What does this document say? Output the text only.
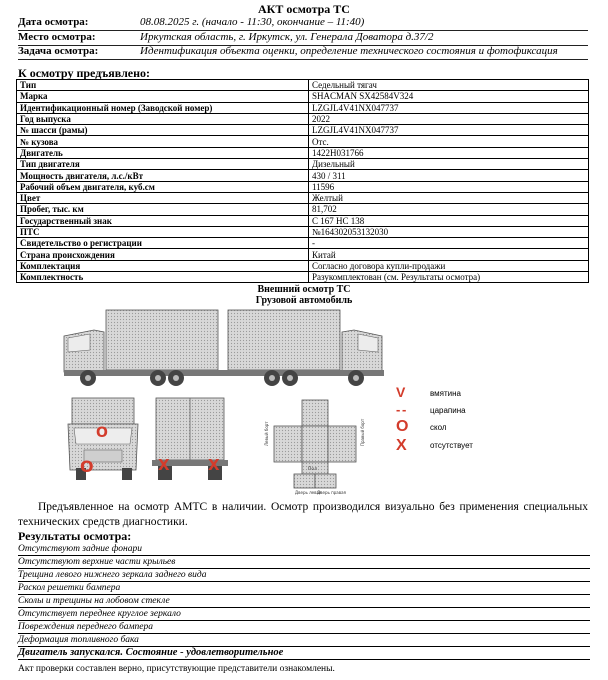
АКТ осмотра ТС
Дата осмотра:	08.08.2025 г. (начало - 11:30, окончание – 11:40)
Место осмотра:	Иркутская область, г. Иркутск, ул. Генерала Доватора д.37/2
Задача осмотра:	Идентификация объекта оценки, определение технического состояния и фотофиксация
К осмотру предъявлено:
Тип	Седельный тягач
Марка	SHACMAN SX42584V324
Идентификационный номер (Заводской номер)	LZGJL4V41NX047737
Год выпуска	2022
№ шасси (рамы)	LZGJL4V41NX047737
№ кузова	Отс.
Двигатель	1422H031766
Тип двигателя	Дизельный
Мощность двигателя, л.с./кВт	430 / 311
Рабочий объем двигателя, куб.см	11596
Цвет	Желтый
Пробег, тыс. км	81,702
Государственный знак	С 167 НС 138
ПТС	№164302053132030
Свидетельство о регистрации	-
Страна происхождения	Китай
Комплектация	Согласно договора купли-продажи
Комплектность	Разукомплектован (см. Результаты осмотра)
Внешний осмотр ТС
Грузовой автомобиль
Левый борт	Правый борт
Пол
Дверь левая
Дверь правая
O
O	X	X
V	вмятина
- -	царапина
O	скол
X	отсутствует
Предъявленное на осмотр АМТС в наличии. Осмотр производился визуально без применения специальных технических средств диагностики.
Результаты осмотра:
Отсутствуют задние фонари
Отсутствуют верхние части крыльев
Трещина левого нижнего зеркала заднего вида
Раскол решетки бампера
Сколы и трещины на лобовом стекле
Отсутствует переднее круглое зеркало
Повреждения переднего бампера
Деформация топливного бака
Двигатель запускался. Состояние - удовлетворительное
Акт проверки составлен верно, присутствующие представители ознакомлены.
